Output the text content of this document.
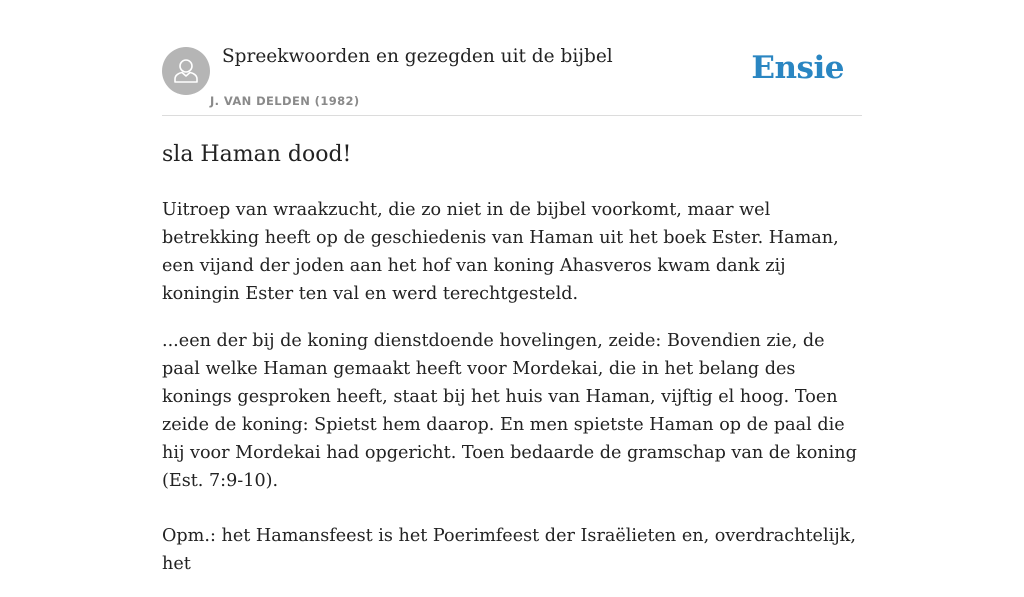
Spreekwoorden en gezegden uit de bijbel
J. VAN DELDEN (1982)
Ensie
sla Haman dood!

Uitroep van wraakzucht, die zo niet in de bijbel voorkomt, maar wel betrekking heeft op de geschiedenis van Haman uit het boek Ester. Haman, een vijand der joden aan het hof van koning Ahasveros kwam dank zij koningin Ester ten val en werd terechtgesteld.

...een der bij de koning dienstdoende hovelingen, zeide: Bovendien zie, de paal welke Haman gemaakt heeft voor Mordekai, die in het belang des konings gesproken heeft, staat bij het huis van Haman, vijftig el hoog. Toen zeide de koning: Spietst hem daarop. En men spietste Haman op de paal die hij voor Mordekai had opgericht. Toen bedaarde de gramschap van de koning (Est. 7:9-10).

Opm.: het Hamansfeest is het Poerimfeest der Israëlieten en, overdrachtelijk, het
